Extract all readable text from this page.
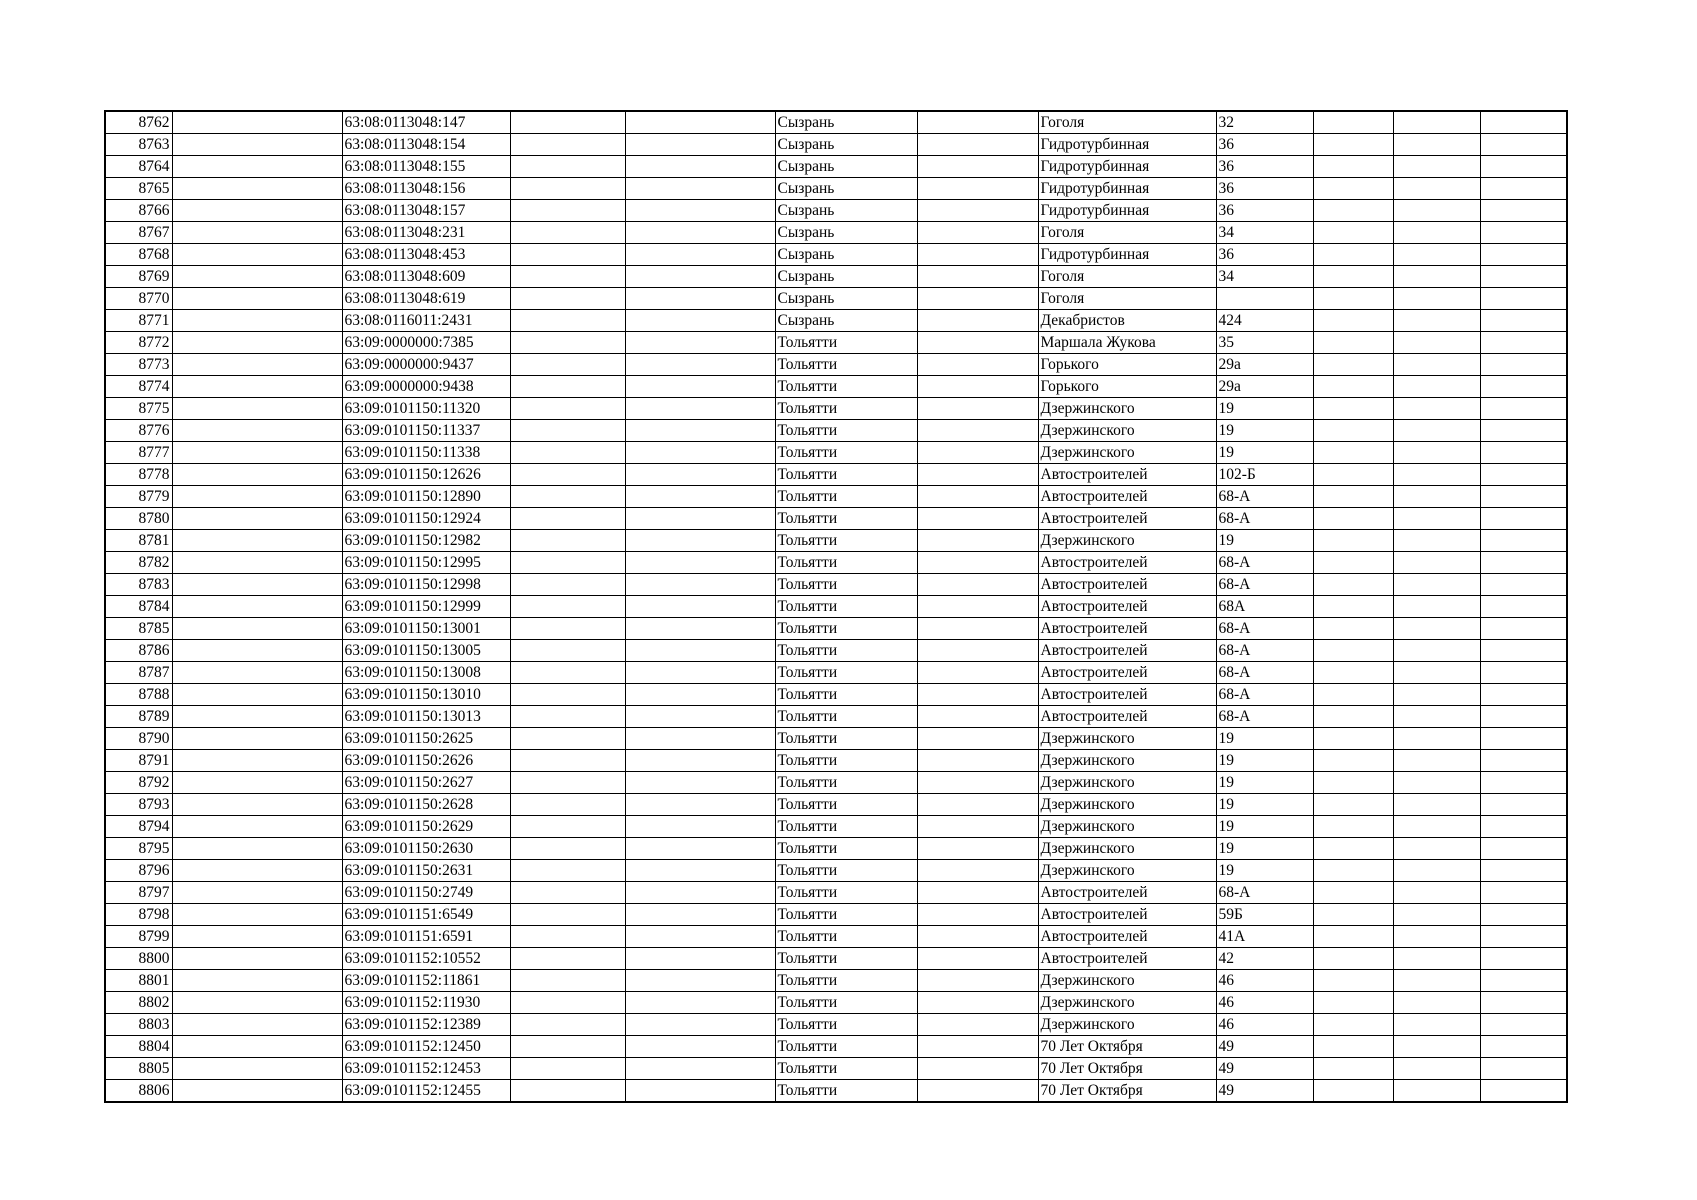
8762		63:08:0113048:147			Сызрань		Гоголя	32			
8763		63:08:0113048:154			Сызрань		Гидротурбинная	36			
8764		63:08:0113048:155			Сызрань		Гидротурбинная	36			
8765		63:08:0113048:156			Сызрань		Гидротурбинная	36			
8766		63:08:0113048:157			Сызрань		Гидротурбинная	36			
8767		63:08:0113048:231			Сызрань		Гоголя	34			
8768		63:08:0113048:453			Сызрань		Гидротурбинная	36			
8769		63:08:0113048:609			Сызрань		Гоголя	34			
8770		63:08:0113048:619			Сызрань		Гоголя				
8771		63:08:0116011:2431			Сызрань		Декабристов	424			
8772		63:09:0000000:7385			Тольятти		Маршала Жукова	35			
8773		63:09:0000000:9437			Тольятти		Горького	29а			
8774		63:09:0000000:9438			Тольятти		Горького	29а			
8775		63:09:0101150:11320			Тольятти		Дзержинского	19			
8776		63:09:0101150:11337			Тольятти		Дзержинского	19			
8777		63:09:0101150:11338			Тольятти		Дзержинского	19			
8778		63:09:0101150:12626			Тольятти		Автостроителей	102-Б			
8779		63:09:0101150:12890			Тольятти		Автостроителей	68-А			
8780		63:09:0101150:12924			Тольятти		Автостроителей	68-А			
8781		63:09:0101150:12982			Тольятти		Дзержинского	19			
8782		63:09:0101150:12995			Тольятти		Автостроителей	68-А			
8783		63:09:0101150:12998			Тольятти		Автостроителей	68-А			
8784		63:09:0101150:12999			Тольятти		Автостроителей	68А			
8785		63:09:0101150:13001			Тольятти		Автостроителей	68-А			
8786		63:09:0101150:13005			Тольятти		Автостроителей	68-А			
8787		63:09:0101150:13008			Тольятти		Автостроителей	68-А			
8788		63:09:0101150:13010			Тольятти		Автостроителей	68-А			
8789		63:09:0101150:13013			Тольятти		Автостроителей	68-А			
8790		63:09:0101150:2625			Тольятти		Дзержинского	19			
8791		63:09:0101150:2626			Тольятти		Дзержинского	19			
8792		63:09:0101150:2627			Тольятти		Дзержинского	19			
8793		63:09:0101150:2628			Тольятти		Дзержинского	19			
8794		63:09:0101150:2629			Тольятти		Дзержинского	19			
8795		63:09:0101150:2630			Тольятти		Дзержинского	19			
8796		63:09:0101150:2631			Тольятти		Дзержинского	19			
8797		63:09:0101150:2749			Тольятти		Автостроителей	68-А			
8798		63:09:0101151:6549			Тольятти		Автостроителей	59Б			
8799		63:09:0101151:6591			Тольятти		Автостроителей	41А			
8800		63:09:0101152:10552			Тольятти		Автостроителей	42			
8801		63:09:0101152:11861			Тольятти		Дзержинского	46			
8802		63:09:0101152:11930			Тольятти		Дзержинского	46			
8803		63:09:0101152:12389			Тольятти		Дзержинского	46			
8804		63:09:0101152:12450			Тольятти		70 Лет Октября	49			
8805		63:09:0101152:12453			Тольятти		70 Лет Октября	49			
8806		63:09:0101152:12455			Тольятти		70 Лет Октября	49			
